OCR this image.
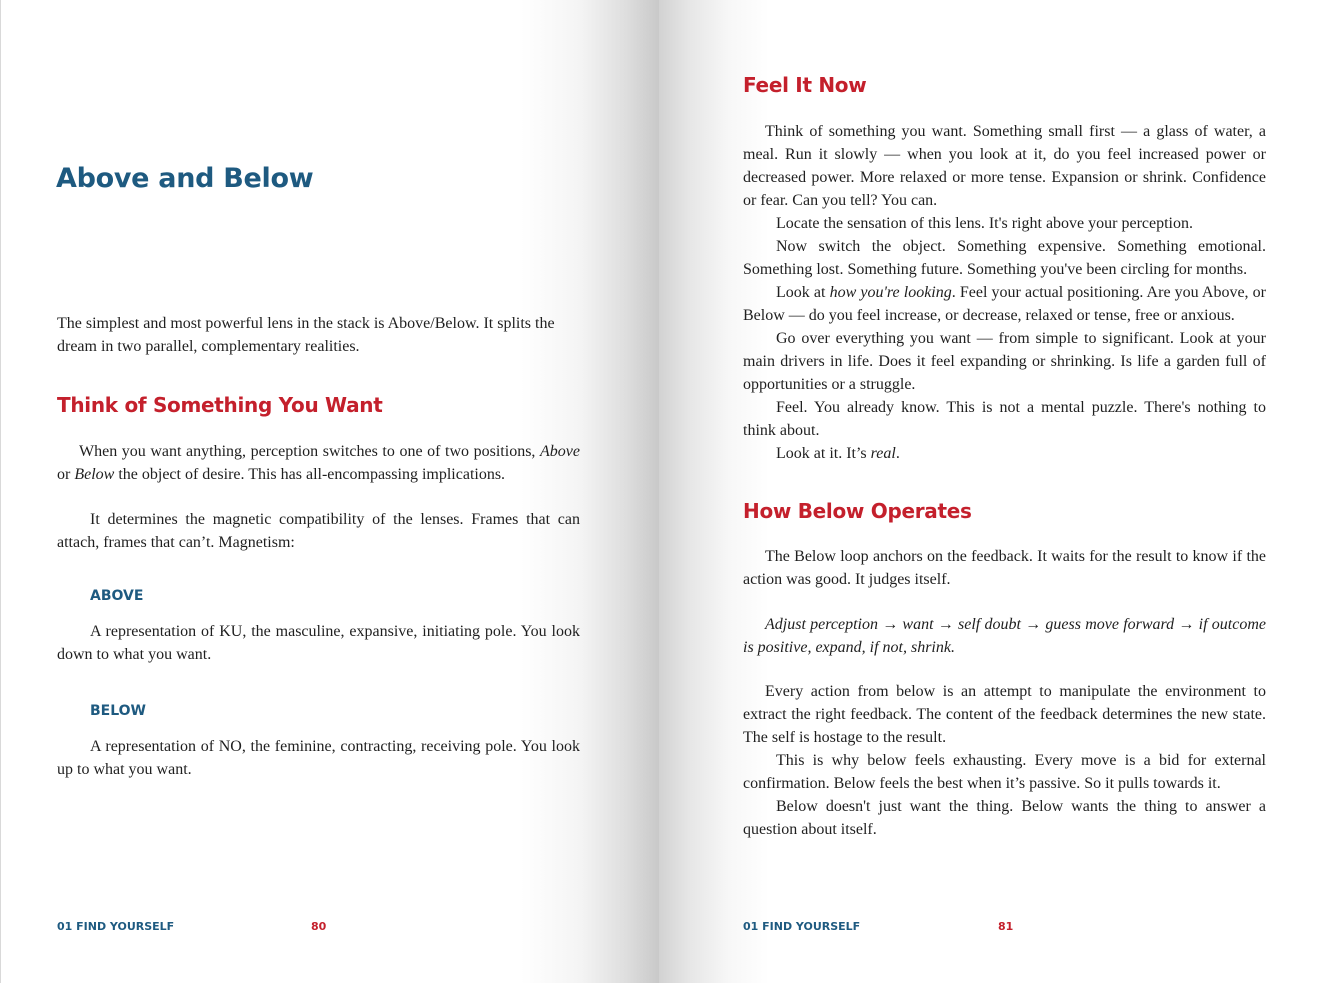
Above and Below
The simplest and most powerful lens in the stack is Above/Below. It splits the
dream in two parallel, complementary realities.
Think of Something You Want

When you want anything, perception switches to one of two positions, Above or Below the object of desire. This has all-encompassing implications.

It determines the magnetic compatibility of the lenses. Frames that can attach, frames that can’t. Magnetism:

ABOVE

A representation of KU, the masculine, expansive, initiating pole. You look down to what you want.

BELOW

A representation of NO, the feminine, contracting, receiving pole. You look up to what you want.

01 FIND YOURSELF	80
Feel It Now

Think of something you want. Something small first — a glass of water, a meal. Run it slowly — when you look at it, do you feel increased power or decreased power. More relaxed or more tense. Expansion or shrink. Confidence or fear. Can you tell? You can.

Locate the sensation of this lens. It's right above your perception.

Now switch the object. Something expensive. Something emotional. Something lost. Something future. Something you've been circling for months.

Look at how you're looking. Feel your actual positioning. Are you Above, or Below — do you feel increase, or decrease, relaxed or tense, free or anxious.

Go over everything you want — from simple to significant. Look at your main drivers in life. Does it feel expanding or shrinking. Is life a garden full of opportunities or a struggle.

Feel. You already know. This is not a mental puzzle. There's nothing to think about.

Look at it. It’s real.

How Below Operates

The Below loop anchors on the feedback. It waits for the result to know if the action was good. It judges itself.

Adjust perception → want → self doubt → guess move forward → if outcome is positive, expand, if not, shrink.

Every action from below is an attempt to manipulate the environment to extract the right feedback. The content of the feedback determines the new state. The self is hostage to the result.

This is why below feels exhausting. Every move is a bid for external confirmation. Below feels the best when it’s passive. So it pulls towards it.

Below doesn't just want the thing. Below wants the thing to answer a question about itself.

01 FIND YOURSELF	81
